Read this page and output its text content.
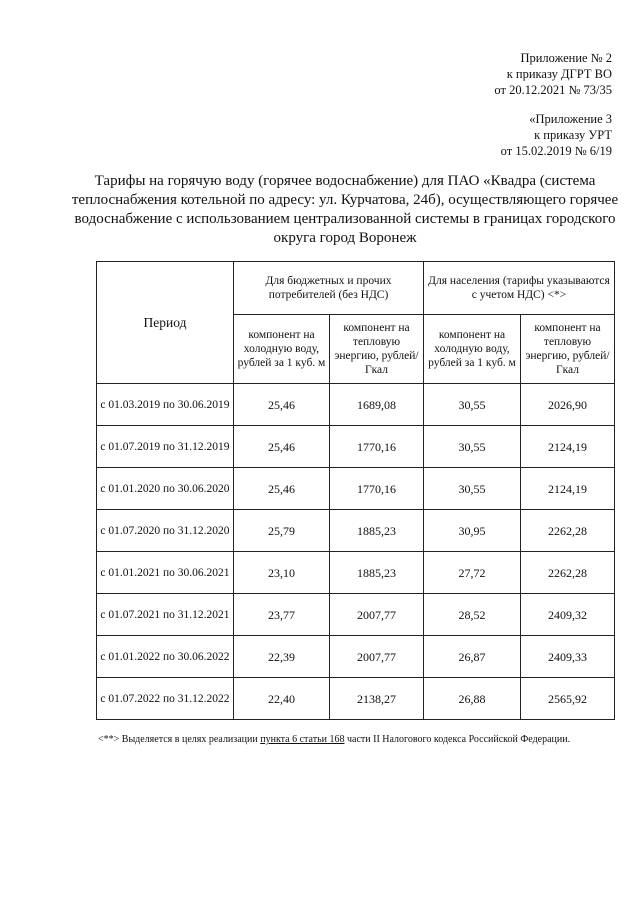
Приложение № 2
к приказу ДГРТ ВО
от 20.12.2021 № 73/35
«Приложение 3
к приказу УРТ
от 15.02.2019 № 6/19
Тарифы на горячую воду (горячее водоснабжение) для ПАО «Квадра (система теплоснабжения котельной по адресу: ул. Курчатова, 24б), осуществляющего горячее водоснабжение с использованием централизованной системы в границах городского округа город Воронеж
Период	Для бюджетных и прочих потребителей (без НДС)		Для населения (тарифы указываются с учетом НДС) <*>	
	компонент на холодную воду, рублей за 1 куб. м	компонент на тепловую энергию, рублей/Гкал	компонент на холодную воду, рублей за 1 куб. м	компонент на тепловую энергию, рублей/Гкал
с 01.03.2019 по 30.06.2019	25,46	1689,08	30,55	2026,90
с 01.07.2019 по 31.12.2019	25,46	1770,16	30,55	2124,19
с 01.01.2020 по 30.06.2020	25,46	1770,16	30,55	2124,19
с 01.07.2020 по 31.12.2020	25,79	1885,23	30,95	2262,28
с 01.01.2021 по 30.06.2021	23,10	1885,23	27,72	2262,28
с 01.07.2021 по 31.12.2021	23,77	2007,77	28,52	2409,32
с 01.01.2022 по 30.06.2022	22,39	2007,77	26,87	2409,33
с 01.07.2022 по 31.12.2022	22,40	2138,27	26,88	2565,92
<**> Выделяется в целях реализации пункта 6 статьи 168 части II Налогового кодекса Российской Федерации.
